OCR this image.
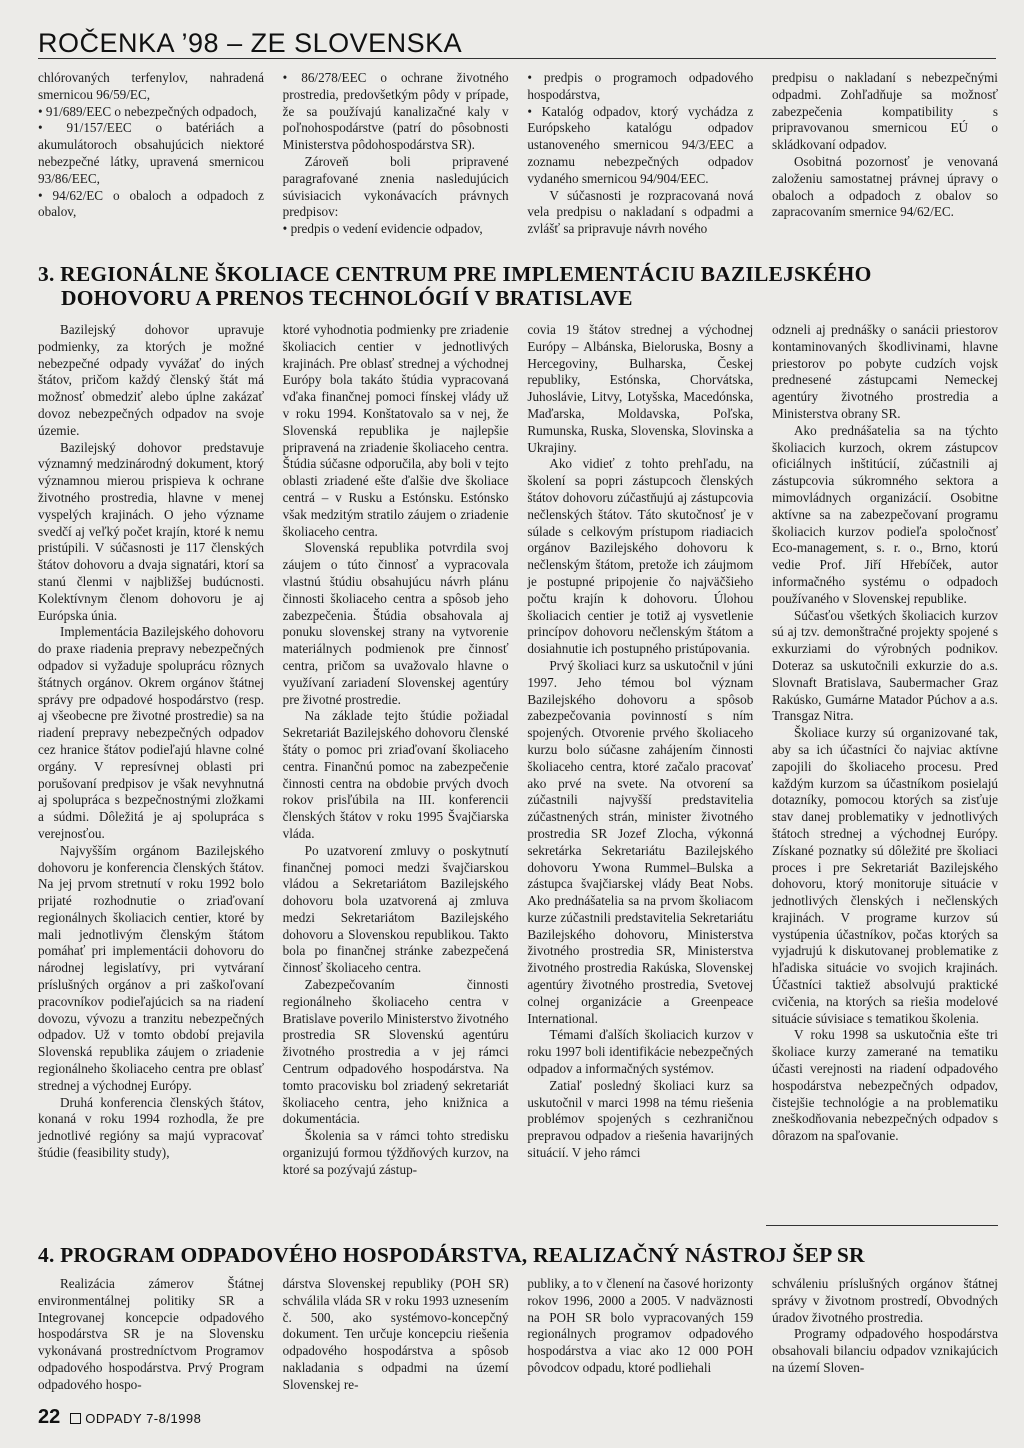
ROČENKA ’98 – ZE SLOVENSKA

chlórovaných terfenylov, nahradená smernicou 96/59/EC,

• 91/689/EEC o nebezpečných odpadoch,

• 91/157/EEC o batériách a akumulátoroch obsahujúcich niektoré nebezpečné látky, upravená smernicou 93/86/EEC,

• 94/62/EC o obaloch a odpadoch z obalov,

• 86/278/EEC o ochrane životného prostredia, predovšetkým pôdy v prípade, že sa používajú kanalizačné kaly v poľnohospodárstve (patrí do pôsobnosti Ministerstva pôdohospodárstva SR).

Zároveň boli pripravené paragrafované znenia nasledujúcich súvisiacich vykonávacích právnych predpisov:

• predpis o vedení evidencie odpadov,

• predpis o programoch odpadového hospodárstva,

• Katalóg odpadov, ktorý vychádza z Európskeho katalógu odpadov ustanoveného smernicou 94/3/EEC a zoznamu nebezpečných odpadov vydaného smernicou 94/904/EEC.

V súčasnosti je rozpracovaná nová vela predpisu o nakladaní s odpadmi a zvlášť sa pripravuje návrh nového

predpisu o nakladaní s nebezpečnými odpadmi. Zohľadňuje sa možnosť zabezpečenia kompatibility s pripravovanou smernicou EÚ o skládkovaní odpadov.

Osobitná pozornosť je venovaná založeniu samostatnej právnej úpravy o obaloch a odpadoch z obalov so zapracovaním smernice 94/62/EC.

3. REGIONÁLNE ŠKOLIACE CENTRUM PRE IMPLEMENTÁCIU BAZILEJSKÉHO
DOHOVORU A PRENOS TECHNOLÓGIÍ V BRATISLAVE

Bazilejský dohovor upravuje podmienky, za ktorých je možné nebezpečné odpady vyvážať do iných štátov, pričom každý členský štát má možnosť obmedziť alebo úplne zakázať dovoz nebezpečných odpadov na svoje územie.

Bazilejský dohovor predstavuje významný medzinárodný dokument, ktorý významnou mierou prispieva k ochrane životného prostredia, hlavne v menej vyspelých krajinách. O jeho význame svedčí aj veľký počet krajín, ktoré k nemu pristúpili. V súčasnosti je 117 členských štátov dohovoru a dvaja signatári, ktorí sa stanú členmi v najbližšej budúcnosti. Kolektívnym členom dohovoru je aj Európska únia.

Implementácia Bazilejského dohovoru do praxe riadenia prepravy nebezpečných odpadov si vyžaduje spoluprácu rôznych štátnych orgánov. Okrem orgánov štátnej správy pre odpadové hospodárstvo (resp. aj všeobecne pre životné prostredie) sa na riadení prepravy nebezpečných odpadov cez hranice štátov podieľajú hlavne colné orgány. V represívnej oblasti pri porušovaní predpisov je však nevyhnutná aj spolupráca s bezpečnostnými zložkami a súdmi. Dôležitá je aj spolupráca s verejnosťou.

Najvyšším orgánom Bazilejského dohovoru je konferencia členských štátov. Na jej prvom stretnutí v roku 1992 bolo prijaté rozhodnutie o zriaďovaní regionálnych školiacich centier, ktoré by mali jednotlivým členským štátom pomáhať pri implementácii dohovoru do národnej legislatívy, pri vytváraní príslušných orgánov a pri zaškoľovaní pracovníkov podieľajúcich sa na riadení dovozu, vývozu a tranzitu nebezpečných odpadov. Už v tomto období prejavila Slovenská republika záujem o zriadenie regionálneho školiaceho centra pre oblasť strednej a východnej Európy.

Druhá konferencia členských štátov, konaná v roku 1994 rozhodla, že pre jednotlivé regióny sa majú vypracovať štúdie (feasibility study),

ktoré vyhodnotia podmienky pre zriadenie školiacich centier v jednotlivých krajinách. Pre oblasť strednej a východnej Európy bola takáto štúdia vypracovaná vďaka finančnej pomoci fínskej vlády už v roku 1994. Konštatovalo sa v nej, že Slovenská republika je najlepšie pripravená na zriadenie školiaceho centra. Štúdia súčasne odporučila, aby boli v tejto oblasti zriadené ešte ďalšie dve školiace centrá – v Rusku a Estónsku. Estónsko však medzitým stratilo záujem o zriadenie školiaceho centra.

Slovenská republika potvrdila svoj záujem o túto činnosť a vypracovala vlastnú štúdiu obsahujúcu návrh plánu činnosti školiaceho centra a spôsob jeho zabezpečenia. Štúdia obsahovala aj ponuku slovenskej strany na vytvorenie materiálnych podmienok pre činnosť centra, pričom sa uvažovalo hlavne o využívaní zariadení Slovenskej agentúry pre životné prostredie.

Na základe tejto štúdie požiadal Sekretariát Bazilejského dohovoru členské štáty o pomoc pri zriaďovaní školiaceho centra. Finančnú pomoc na zabezpečenie činnosti centra na obdobie prvých dvoch rokov prisľúbila na III. konferencii členských štátov v roku 1995 Švajčiarska vláda.

Po uzatvorení zmluvy o poskytnutí finančnej pomoci medzi švajčiarskou vládou a Sekretariátom Bazilejského dohovoru bola uzatvorená aj zmluva medzi Sekretariátom Bazilejského dohovoru a Slovenskou republikou. Takto bola po finančnej stránke zabezpečená činnosť školiaceho centra.

Zabezpečovaním činnosti regionálneho školiaceho centra v Bratislave poverilo Ministerstvo životného prostredia SR Slovenskú agentúru životného prostredia a v jej rámci Centrum odpadového hospodárstva. Na tomto pracovisku bol zriadený sekretariát školiaceho centra, jeho knižnica a dokumentácia.

Školenia sa v rámci tohto stredisku organizujú formou týždňových kurzov, na ktoré sa pozývajú zástup-

covia 19 štátov strednej a východnej Európy – Albánska, Bieloruska, Bosny a Hercegoviny, Bulharska, Českej republiky, Estónska, Chorvátska, Juhoslávie, Litvy, Lotyšska, Macedónska, Maďarska, Moldavska, Poľska, Rumunska, Ruska, Slovenska, Slovinska a Ukrajiny.

Ako vidieť z tohto prehľadu, na školení sa popri zástupcoch členských štátov dohovoru zúčastňujú aj zástupcovia nečlenských štátov. Táto skutočnosť je v súlade s celkovým prístupom riadiacich orgánov Bazilejského dohovoru k nečlenským štátom, pretože ich záujmom je postupné pripojenie čo najväčšieho počtu krajín k dohovoru. Úlohou školiacich centier je totiž aj vysvetlenie princípov dohovoru nečlenským štátom a dosiahnutie ich postupného pristúpovania.

Prvý školiaci kurz sa uskutočnil v júni 1997. Jeho témou bol význam Bazilejského dohovoru a spôsob zabezpečovania povinností s ním spojených. Otvorenie prvého školiaceho kurzu bolo súčasne zahájením činnosti školiaceho centra, ktoré začalo pracovať ako prvé na svete. Na otvorení sa zúčastnili najvyšší predstavitelia zúčastnených strán, minister životného prostredia SR Jozef Zlocha, výkonná sekretárka Sekretariátu Bazilejského dohovoru Ywona Rummel–Bulska a zástupca švajčiarskej vlády Beat Nobs. Ako prednášatelia sa na prvom školiacom kurze zúčastnili predstavitelia Sekretariátu Bazilejského dohovoru, Ministerstva životného prostredia SR, Ministerstva životného prostredia Rakúska, Slovenskej agentúry životného prostredia, Svetovej colnej organizácie a Greenpeace International.

Témami ďalších školiacich kurzov v roku 1997 boli identifikácie nebezpečných odpadov a informačných systémov.

Zatiaľ posledný školiaci kurz sa uskutočnil v marci 1998 na tému riešenia problémov spojených s cezhraničnou prepravou odpadov a riešenia havarijných situácií. V jeho rámci

odzneli aj prednášky o sanácii priestorov kontaminovaných škodlivinami, hlavne priestorov po pobyte cudzích vojsk prednesené zástupcami Nemeckej agentúry životného prostredia a Ministerstva obrany SR.

Ako prednášatelia sa na týchto školiacich kurzoch, okrem zástupcov oficiálnych inštitúcií, zúčastnili aj zástupcovia súkromného sektora a mimovládnych organizácií. Osobitne aktívne sa na zabezpečovaní programu školiacich kurzov podieľa spoločnosť Eco-management, s. r. o., Brno, ktorú vedie Prof. Jiří Hřebíček, autor informačného systému o odpadoch používaného v Slovenskej republike.

Súčasťou všetkých školiacich kurzov sú aj tzv. demonštračné projekty spojené s exkurziami do výrobných podnikov. Doteraz sa uskutočnili exkurzie do a.s. Slovnaft Bratislava, Saubermacher Graz Rakúsko, Gumárne Matador Púchov a a.s. Transgaz Nitra.

Školiace kurzy sú organizované tak, aby sa ich účastníci čo najviac aktívne zapojili do školiaceho procesu. Pred každým kurzom sa účastníkom posielajú dotazníky, pomocou ktorých sa zisťuje stav danej problematiky v jednotlivých štátoch strednej a východnej Európy. Získané poznatky sú dôležité pre školiaci proces i pre Sekretariát Bazilejského dohovoru, ktorý monitoruje situácie v jednotlivých členských i nečlenských krajinách. V programe kurzov sú vystúpenia účastníkov, počas ktorých sa vyjadrujú k diskutovanej problematike z hľadiska situácie vo svojich krajinách. Účastníci taktiež absolvujú praktické cvičenia, na ktorých sa riešia modelové situácie súvisiace s tematikou školenia.

V roku 1998 sa uskutočnia ešte tri školiace kurzy zamerané na tematiku účasti verejnosti na riadení odpadového hospodárstva nebezpečných odpadov, čistejšie technológie a na problematiku zneškodňovania nebezpečných odpadov s dôrazom na spaľovanie.

4. PROGRAM ODPADOVÉHO HOSPODÁRSTVA, REALIZAČNÝ NÁSTROJ ŠEP SR

Realizácia zámerov Štátnej environmentálnej politiky SR a Integrovanej koncepcie odpadového hospodárstva SR je na Slovensku vykonávaná prostredníctvom Programov odpadového hospodárstva. Prvý Program odpadového hospo-

dárstva Slovenskej republiky (POH SR) schválila vláda SR v roku 1993 uznesením č. 500, ako systémovo-koncepčný dokument. Ten určuje koncepciu riešenia odpadového hospodárstva a spôsob nakladania s odpadmi na území Slovenskej re-

publiky, a to v členení na časové horizonty rokov 1996, 2000 a 2005. V nadväznosti na POH SR bolo vypracovaných 159 regionálnych programov odpadového hospodárstva a viac ako 12 000 POH pôvodcov odpadu, ktoré podliehali

schváleniu príslušných orgánov štátnej správy v životnom prostredí, Obvodných úradov životného prostredia.

Programy odpadového hospodárstva obsahovali bilanciu odpadov vznikajúcich na území Sloven-

22	ODPADY 7-8/1998
